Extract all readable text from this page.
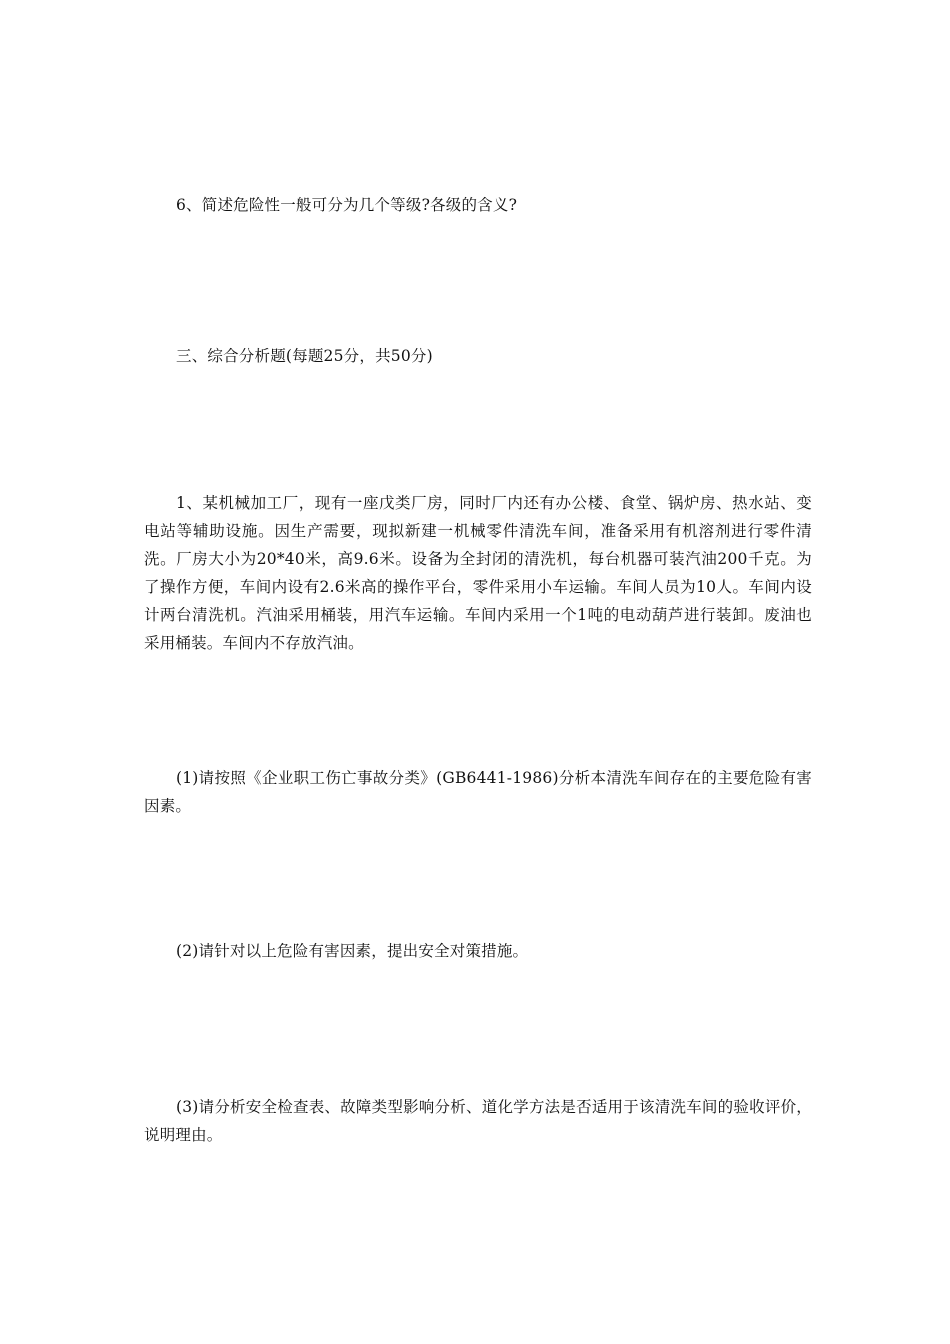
6、简述危险性一般可分为几个等级?各级的含义?

三、综合分析题(每题25分，共50分)

1、某机械加工厂，现有一座戊类厂房，同时厂内还有办公楼、食堂、锅炉房、热水站、变电站等辅助设施。因生产需要，现拟新建一机械零件清洗车间，准备采用有机溶剂进行零件清洗。厂房大小为20*40米，高9.6米。设备为全封闭的清洗机，每台机器可装汽油200千克。为了操作方便，车间内设有2.6米高的操作平台，零件采用小车运输。车间人员为10人。车间内设计两台清洗机。汽油采用桶装，用汽车运输。车间内采用一个1吨的电动葫芦进行装卸。废油也采用桶装。车间内不存放汽油。

(1)请按照《企业职工伤亡事故分类》(GB6441-1986)分析本清洗车间存在的主要危险有害因素。

(2)请针对以上危险有害因素，提出安全对策措施。

(3)请分析安全检查表、故障类型影响分析、道化学方法是否适用于该清洗车间的验收评价，说明理由。
